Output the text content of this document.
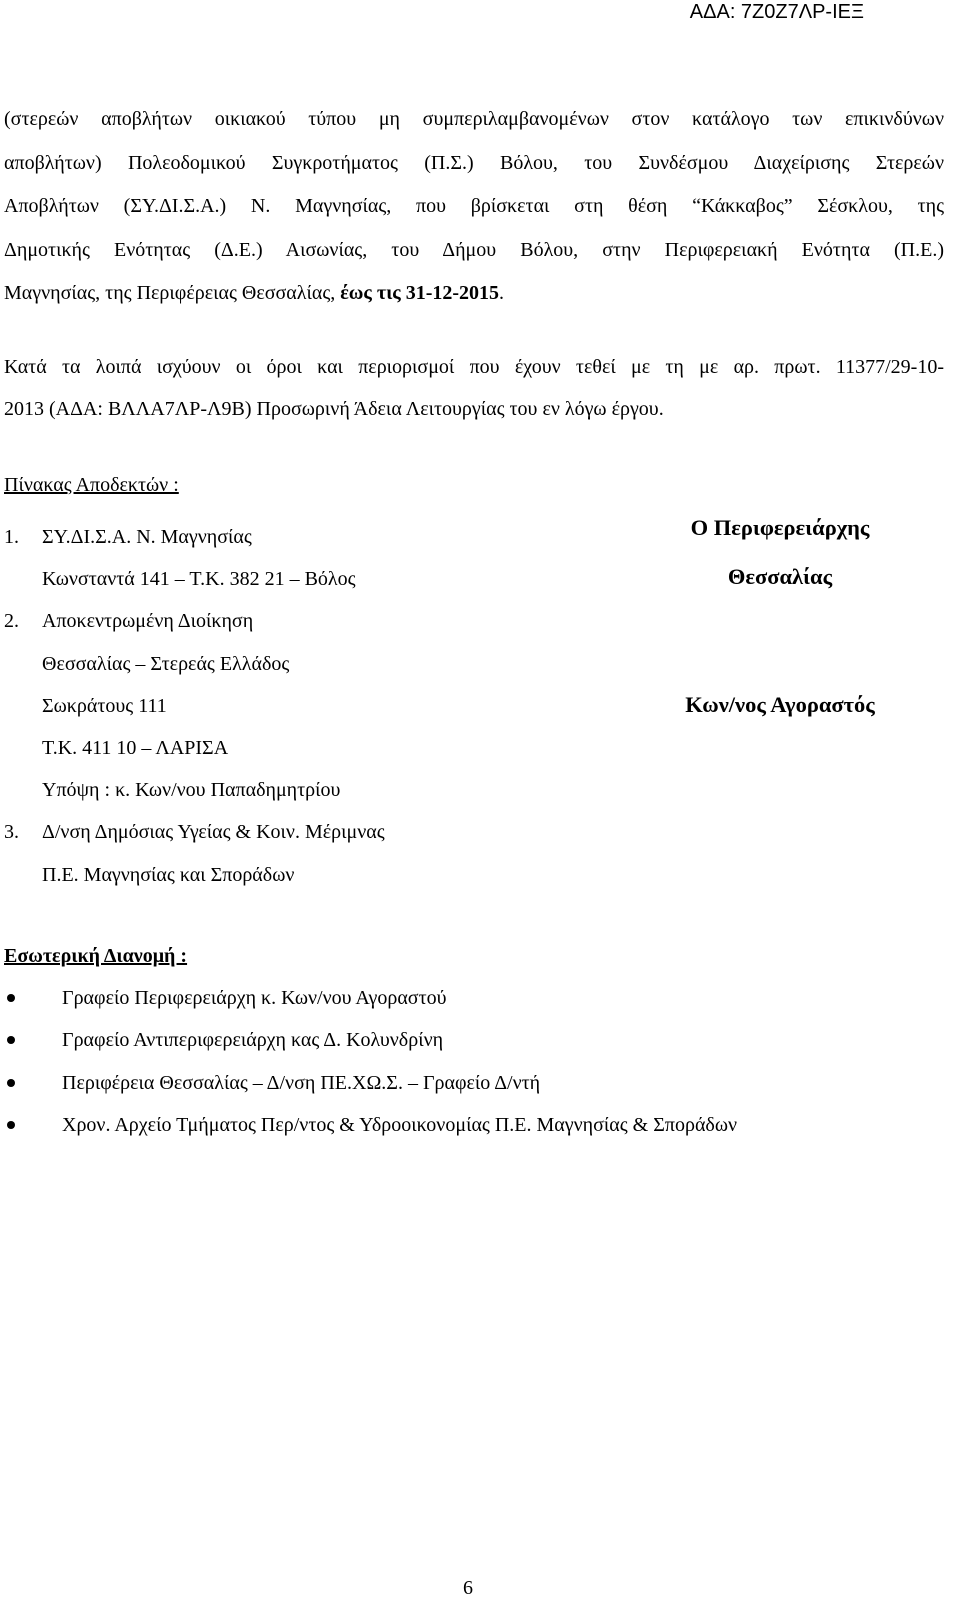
ΑΔΑ: 7Ζ0Ζ7ΛΡ-ΙΕΞ
(στερεών αποβλήτων οικιακού τύπου μη συμπεριλαμβανομένων στον κατάλογο των επικινδύνων
αποβλήτων) Πολεοδομικού Συγκροτήματος (Π.Σ.) Βόλου, του Συνδέσμου Διαχείρισης Στερεών
Αποβλήτων (ΣΥ.ΔΙ.Σ.Α.) Ν. Μαγνησίας, που βρίσκεται στη θέση “Κάκκαβος” Σέσκλου, της
Δημοτικής Ενότητας (Δ.Ε.) Αισωνίας, του Δήμου Βόλου, στην Περιφερειακή Ενότητα (Π.Ε.)
Μαγνησίας, της Περιφέρειας Θεσσαλίας, έως τις 31-12-2015.
Κατά τα λοιπά ισχύουν οι όροι και περιορισμοί που έχουν τεθεί με τη με αρ. πρωτ. 11377/29-10-
2013 (ΑΔΑ: ΒΛΛΑ7ΛΡ-Λ9Β) Προσωρινή Άδεια Λειτουργίας του εν λόγω έργου.
Πίνακας Αποδεκτών :
1. ΣΥ.ΔΙ.Σ.Α. Ν. Μαγνησίας
Κωνσταντά 141 – Τ.Κ. 382 21 – Βόλος
2. Αποκεντρωμένη Διοίκηση
Θεσσαλίας – Στερεάς Ελλάδος
Σωκράτους 111
Τ.Κ. 411 10 – ΛΑΡΙΣΑ
Υπόψη : κ. Κων/νου Παπαδημητρίου
3. Δ/νση Δημόσιας Υγείας & Κοιν. Μέριμνας
Π.Ε. Μαγνησίας και Σποράδων
Ο Περιφερειάρχης
Θεσσαλίας
Κων/νος Αγοραστός
Εσωτερική Διανομή :
Γραφείο Περιφερειάρχη κ. Κων/νου Αγοραστού
Γραφείο Αντιπεριφερειάρχη κας Δ. Κολυνδρίνη
Περιφέρεια Θεσσαλίας – Δ/νση ΠΕ.ΧΩ.Σ. – Γραφείο Δ/ντή
Χρον. Αρχείο Τμήματος Περ/ντος & Υδροοικονομίας Π.Ε. Μαγνησίας & Σποράδων
6
